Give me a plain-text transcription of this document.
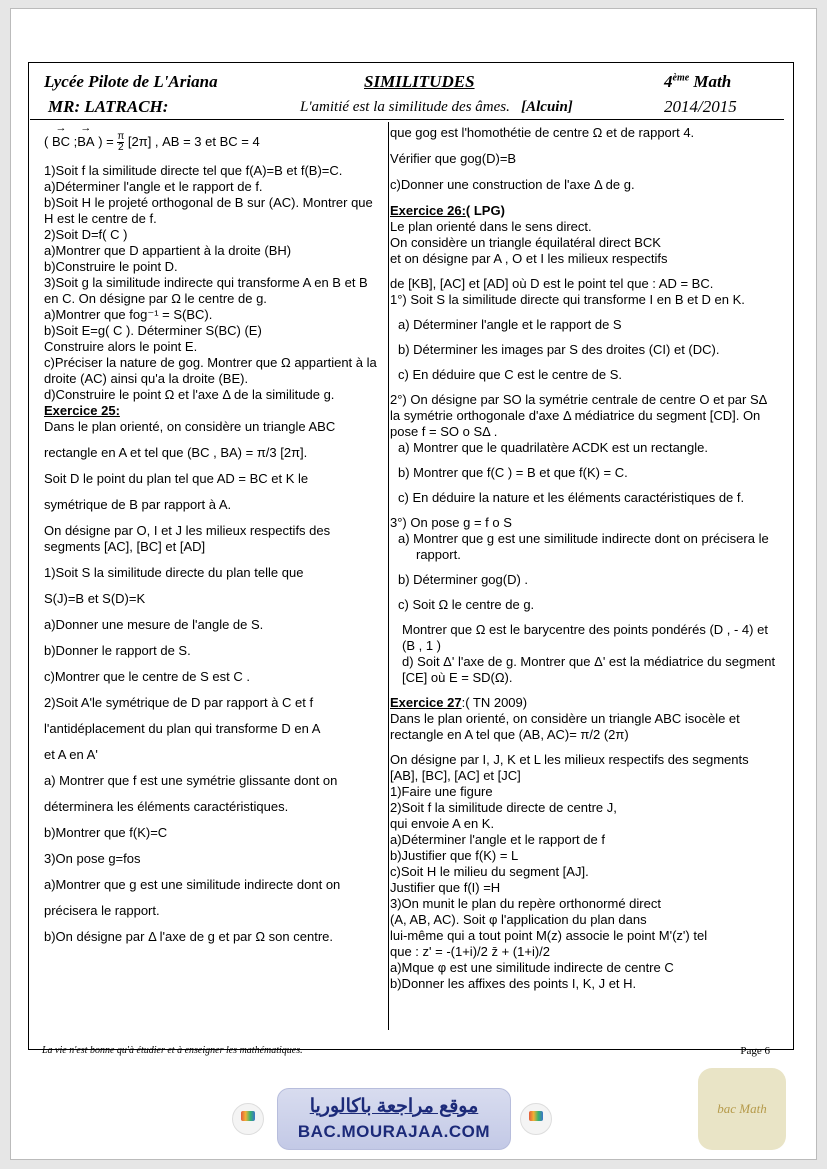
Lycée Pilote de L'Ariana
MR: LATRACH:
SIMILITUDES
L'amitié est la similitude des âmes. [Alcuin]
4ème Math
2014/2015

( → BC ;→ BA ) = $\frac{\pi}{2} [2\pi]$ , AB = 3 et BC = 4

1)Soit f la similitude directe tel que f(A)=B et f(B)=C.

a)Déterminer l'angle et le rapport de f.

b)Soit H le projeté orthogonal de B sur (AC). Montrer que H est le centre de f.

2)Soit D=f( C )

a)Montrer que D appartient à la droite (BH)

b)Construire le point D.

3)Soit g la similitude indirecte qui transforme A en B et B en C. On désigne par Ω le centre de g.

a)Montrer que fog⁻¹ = S(BC).

b)Soit E=g( C ). Déterminer S(BC) (E)

Construire alors le point E.

c)Préciser la nature de gog. Montrer que Ω appartient à la droite (AC) ainsi qu'a la droite (BE).

d)Construire le point Ω et l'axe Δ de la similitude g.

Exercice 25:

Dans le plan orienté, on considère un triangle ABC

rectangle en A et tel que (BC , BA) = π/3 [2π].

Soit D le point du plan tel que AD = BC et K le

symétrique de B par rapport à A.

On désigne par O, I et J les milieux respectifs des

segments [AC], [BC] et [AD]

1)Soit S la similitude directe du plan telle que

S(J)=B et S(D)=K

a)Donner une mesure de l'angle de S.

b)Donner le rapport de S.

c)Montrer que le centre de S est C .

2)Soit A'le symétrique de D par rapport à C et f

l'antidéplacement du plan qui transforme D en A

et A en A'

a) Montrer que f est une symétrie glissante dont on

déterminera les éléments caractéristiques.

b)Montrer que f(K)=C

3)On pose g=fos

a)Montrer que g est une similitude indirecte dont on

précisera le rapport.

b)On désigne par Δ l'axe de g et par Ω son centre.

que gog est l'homothétie de centre Ω et de rapport 4.

Vérifier que gog(D)=B

c)Donner une construction de l'axe Δ de g.

Exercice 26:( LPG)

Le plan orienté dans le sens direct.

On considère un triangle équilatéral direct BCK

et on désigne par A , O et I les milieux respectifs

de [KB], [AC] et [AD] où D est le point tel que : AD = BC.

1°) Soit S la similitude directe qui transforme I en B et D en K.

a) Déterminer l'angle et le rapport de S

b) Déterminer les images par S des droites (CI) et (DC).

c) En déduire que C est le centre de S.

2°) On désigne par SO la symétrie centrale de centre O et par SΔ la symétrie orthogonale d'axe Δ médiatrice du segment [CD]. On pose f = SO o SΔ .

a) Montrer que le quadrilatère ACDK est un rectangle.

b) Montrer que f(C ) = B et que f(K) = C.

c) En déduire la nature et les éléments caractéristiques de f.

3°) On pose g = f o S

a) Montrer que g est une similitude indirecte dont on précisera le rapport.

b) Déterminer gog(D) .

c) Soit Ω le centre de g.

Montrer que Ω est le barycentre des points pondérés (D , - 4) et (B , 1 )

d) Soit Δ' l'axe de g. Montrer que Δ' est la médiatrice du segment [CE] où E = SD(Ω).

Exercice 27:( TN 2009)

Dans le plan orienté, on considère un triangle ABC isocèle et rectangle en A tel que (AB, AC)= π/2 (2π)

On désigne par I, J, K et L les milieux respectifs des segments [AB], [BC], [AC] et [JC]

1)Faire une figure

2)Soit f la similitude directe de centre J,

qui envoie A en K.

a)Déterminer l'angle et le rapport de f

b)Justifier que f(K) = L

c)Soit H le milieu du segment [AJ].

Justifier que f(I) =H

3)On munit le plan du repère orthonormé direct

(A, AB, AC). Soit φ l'application du plan dans

lui-même qui a tout point M(z) associe le point M'(z') tel

que : z' = -(1+i)/2 z̄ + (1+i)/2

a)Mque φ est une similitude indirecte de centre C

b)Donner les affixes des points I, K, J et H.

La vie n'est bonne qu'à étudier et à enseigner les mathématiques.	Page 6
موقع مراجعة باكالوريا
BAC.MOURAJAA.COM
bac Math
